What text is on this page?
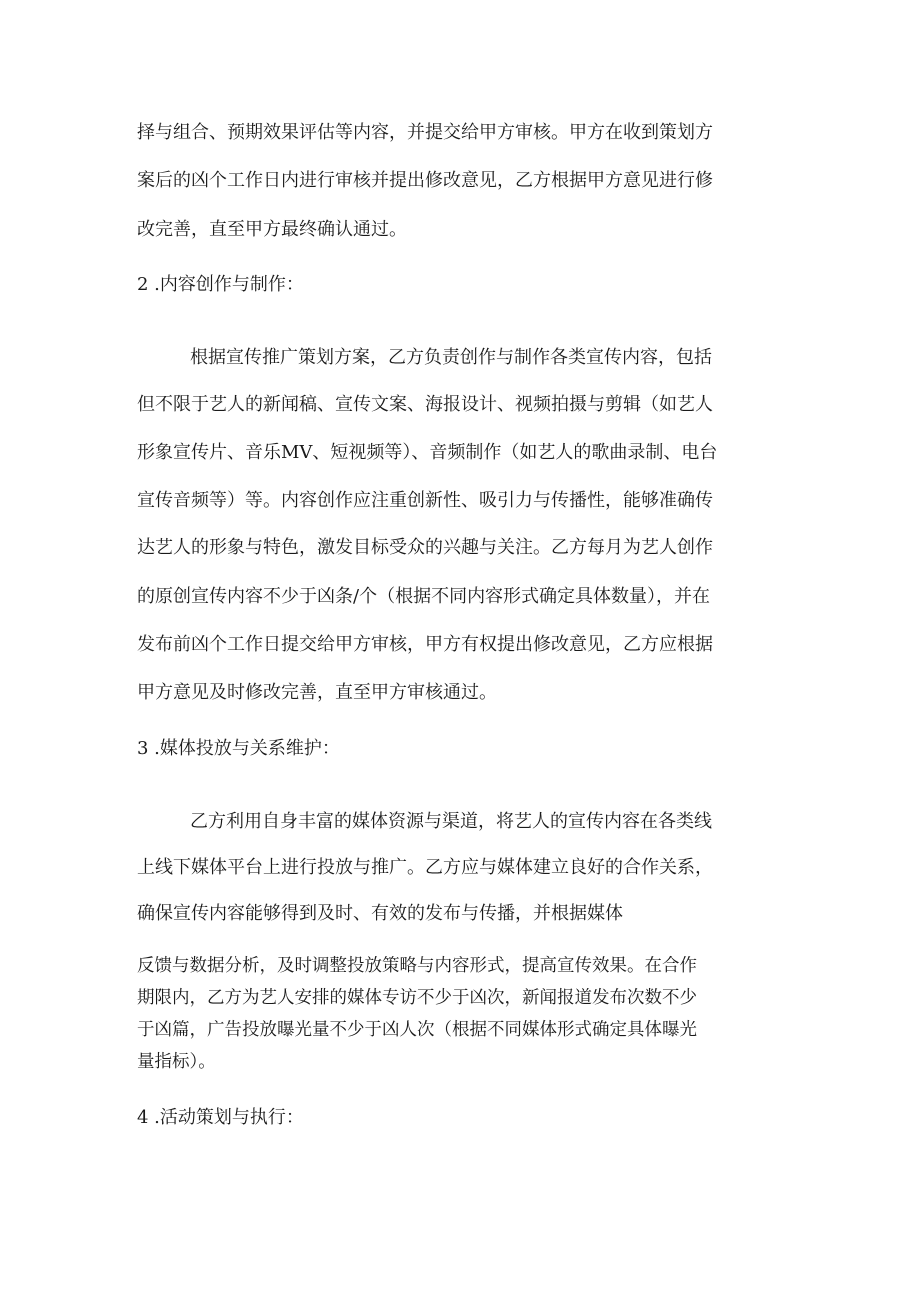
择与组合、预期效果评估等内容，并提交给甲方审核。甲方在收到策划方
案后的凶个工作日内进行审核并提出修改意见，乙方根据甲方意见进行修
改完善，直至甲方最终确认通过。
2 .内容创作与制作：
根据宣传推广策划方案，乙方负责创作与制作各类宣传内容，包括
但不限于艺人的新闻稿、宣传文案、海报设计、视频拍摄与剪辑（如艺人
形象宣传片、音乐MV、短视频等）、音频制作（如艺人的歌曲录制、电台
宣传音频等）等。内容创作应注重创新性、吸引力与传播性，能够准确传
达艺人的形象与特色，激发目标受众的兴趣与关注。乙方每月为艺人创作
的原创宣传内容不少于凶条/个（根据不同内容形式确定具体数量），并在
发布前凶个工作日提交给甲方审核，甲方有权提出修改意见，乙方应根据
甲方意见及时修改完善，直至甲方审核通过。
3 .媒体投放与关系维护：
乙方利用自身丰富的媒体资源与渠道，将艺人的宣传内容在各类线
上线下媒体平台上进行投放与推广。乙方应与媒体建立良好的合作关系，
确保宣传内容能够得到及时、有效的发布与传播，并根据媒体
反馈与数据分析，及时调整投放策略与内容形式，提高宣传效果。在合作
期限内，乙方为艺人安排的媒体专访不少于凶次，新闻报道发布次数不少
于凶篇，广告投放曝光量不少于凶人次（根据不同媒体形式确定具体曝光
量指标）。
4 .活动策划与执行：
